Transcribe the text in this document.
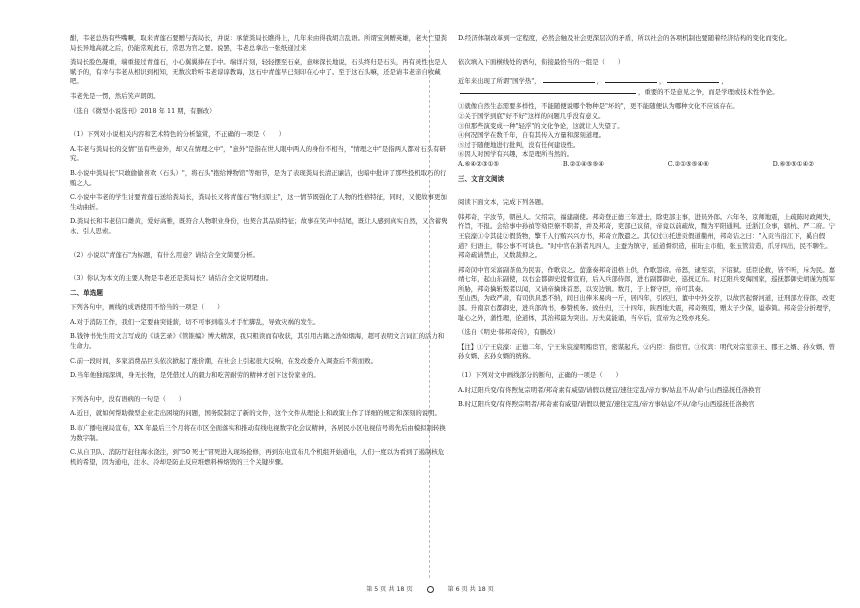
酣，韦老总热有些嘴噘，取来青莲石要赠与粪局长，并说：承蒙粪局长瞧得上，几年来由得我胡言乱语。所谓宝剑赠英雄，老夫亡望粪局长异地高就之后，仍能常观此石，常思为官之要。说罢，韦老总拿出一张纸递过来

粪局长脸色凝重，端重接过青莲石，小心翼翼捧在手中。端详片刻，轻轻摆至石桌，意味深长地说，石头终归是石头，再有灵性也是人赋予的，有幸与韦老从相识到相知，无数次聆听韦老谆谆教诲，这石中青莲早已刻印在心中了。至于这石头嘛，还是请韦老亲自收藏吧。

韦老先是一愣，然后笑声朗朗。

（选自《微型小说选刊》2018 年 11 期，有删改）

（1）下列对小说相关内容和艺术特色的分析鉴赏，不正确的一项是（　　）

A.韦老与粪局长的交情"虽有些意外，却又在情理之中"，"意外"是指在世人眼中两人的身份不相当，"情理之中"是指两人都对石头有研究。

B.小说中粪局长"只敢偷偷喜欢（石头）"，将石头"抱给博物馆"等细节，是为了表现粪局长清正廉洁，也暗中批评了那些投机取巧的行贿之人。

C.小说中韦老的学生讨要青莲石送给粪局长，粪局长又将青莲石"物归原主"，这一情节既强化了人物的性格特征，同时，又使故事更加生动曲折。

D.粪局长和韦老信口雌黄，爱好高雅，既符合人物职业身份，也契合其品质特征；故事在笑声中结尾，既让人感到真实自然，又含蓄隽永、引人思索。

（2）小说以"青莲石"为标题，有什么用意？请结合全文简要分析。

（3）你认为本文的主要人物是韦老还是粪局长？请结合全文说明理由。

二、单选题

下列各句中，画线的成语使用不恰当的一项是（　　）

A.对于消防工作，我们一定要曲突徙薪，切不可事到临头才手忙脚乱，导致灾祸的发生。

B.钱钟书先生用文言写成的《谈艺录》《管锥编》博大精深，我只粗读而有收获，其引用古籍之浩如烟海，超可表明文言词汇的活力和生命力。

C.前一段时间，多家消费品巨头依次掀起了涨价潮，在社会上引起很大反响，在发改委介入调查后不赏而败。

D.当年他独闯深圳，身无长物，是凭借过人的毅力和吃苦耐劳的精神才创下这份家业的。

下列各句中，没有语病的一句是（　　）

A.近日，就如何帮助微型企业走出困境的问题，国务院制定了新的文件，这个文件从理论上和政策上作了详细的规定和深刻的说明。

B.市广播电视局宣布，XX 年最后三个月将在市区全面落实和推动有线电视数字化会议精神，各居民小区电视信号将先后由模拟制转换为数字制。

C.从自卫队、消防厅赶往海水浇注，到"50 死士"冒死进入现场抢修，再到东电宣布几个机组开始通电，人们一度以为看到了遏制核危机的希望，因为通电，注水、冷却是防止反应堆燃料棒熔毁的三个关键步骤。

D.经济体制改革到一定程度，必然会触及社会更深层次的矛盾，所以社会的各项机制也要随着经济结构的变化而变化。

依次填入下面横线处的语句，衔接最恰当的一组是（　　）

近年来出现了所谓"国学热"，	，	，	，，重要的不是意见之争，而是学理或技术性争论。

①就像自然生态需要多样性，不能随便说哪个物种是"坏的"，更不能随便认为哪种文化不应该存在。

②关于国学到底"好不好"这样的问题几乎没有意义。

③但那些演变成一种"轻浮"的文化争论，这就让人失望了。

④何况国学在数千年，自有其传入方量和深刻道理。

⑤过于随便地进行批判，没有任何建设性。

⑥因人对国学有兴趣，本是理所当然的。

A.⑥④②③①⑤	B.②①④⑤⑤④	C.②①⑤⑤④⑥	D.⑥⑤⑤①④②

三、文言文阅读

阅读下面文本，完成下列各题。

韩邦奇，字汝节，朝邑人。父绍宗，福建副使。邦奇登正德三年进士，除吏部主事，进员外郎。六年冬，京师地震，上疏陈时政阙失，忤旨，不报。会给事中孙禎等劾臣僚不职者，并及邦奇，吏部已议留，帝竟以前疏故，黜为平阳通判。迁浙江佥事，辖杭、严二府。宁王宸濠①令其徒②假货物，擎千人行贿兴兴方书，邦奇立散遣之。其仅过③托进贡假道衢州，邦奇诘之曰："入贡当沿江下，奚自假道？归语主，韩公事不可谈也。"时中官在浙者凡四人，主蚕为镇守，延道督织造，崔珩主市舶，张玉管营造，爪牙四出，民不聊生。邦奇疏请禁止，又数裁抑之。

邦奇闵中官采富副茶鱼为民害，作歌哀之。萤蓬奏邦奇沮格上供，作歌怨谤。帝怒，逮至京，下诏狱。廷臣论救，皆不听，斥为民。嘉靖七年，起山东副使，以右金都御史提督宣府，后入兵部侍郎，进右副都御史，巡抚辽东。时辽阳兵变侮国家，巡抚都御史胡谨为叛军所胁，邦奇擒斩叛者以闻，又请帝擒诛首恶，以安边镇。数月，于上督守臣，帝可其奏。

至山西，为政严肃，有司供具悉不纳，间日出俸米易肉一斤，居四年，引疾归，董中中外交荐，以故官起督河道，迁刑部左侍郎，改吏部。升南京右都御史，进兵部尚书，参赞机务。致仕归，三十四年，陕西地大震，邦奇殒焉，赠太子少保，谥恭简。邦奇尝分折理学，耻心之外，蒲性理，论道体，其治邦最为突出。万夫莫能诵，当卒后，宣帝为之殁亦兆矣。

（选自《明史·韩邦奇传》，有删改）

【注】①宁王宸濠：正德二年，宁王朱宸濠明贿宦官，密谋起兵。②内臣：指宦官。③仪宾：明代对宗室亲王、郡王之婿、孙女婿、曾孙女婿、玄孙女婿的统称。

（1）下列对文中画线部分的断句，正确的一项是（　　）

A.时辽阳兵变/有佟煦复宗明者/邦奇素有威望/请假以便宜/速往定乱/帝方事/姑息不从/命与山西巡抚任洛换官

B.时辽阳兵变/有佟煦宗明者/邦奇素有威望/请假以便宜/速往定乱/帝方事姑息/不从/命与山西巡抚任洛换官

第 5 页 共 18 页	第 6 页 共 18 页
